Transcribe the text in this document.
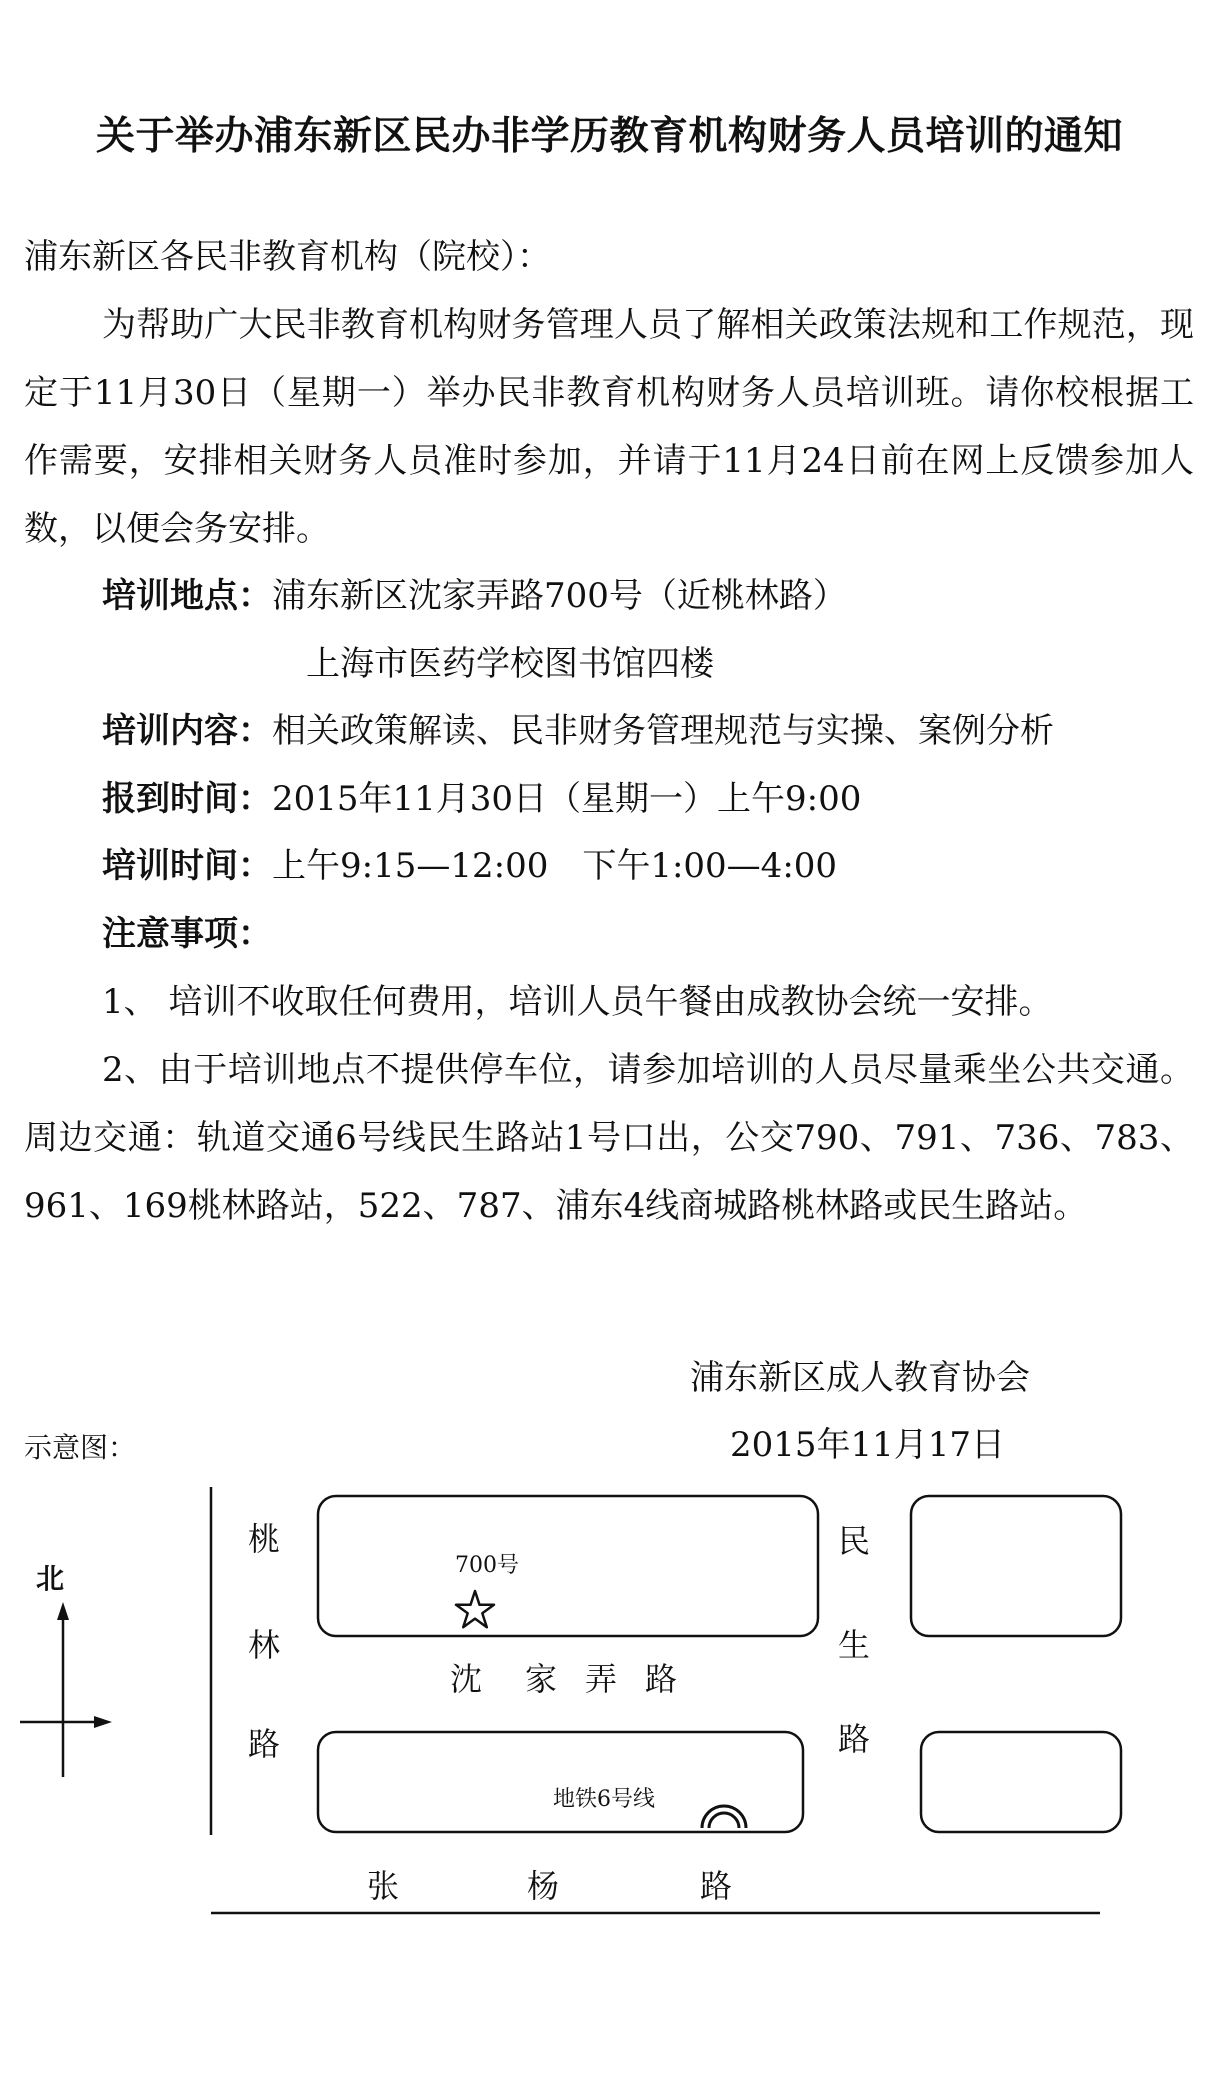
关于举办浦东新区民办非学历教育机构财务人员培训的通知

浦东新区各民非教育机构（院校）：

为帮助广大民非教育机构财务管理人员了解相关政策法规和工作规范，现定于11月30日（星期一）举办民非教育机构财务人员培训班。请你校根据工作需要，安排相关财务人员准时参加，并请于11月24日前在网上反馈参加人数，以便会务安排。

培训地点：浦东新区沈家弄路700号（近桃林路）
上海市医药学校图书馆四楼
培训内容：相关政策解读、民非财务管理规范与实操、案例分析
报到时间：2015年11月30日（星期一）上午9:00
培训时间：上午9:15—12:00　下午1:00—4:00
注意事项：

1、 培训不收取任何费用，培训人员午餐由成教协会统一安排。

2、由于培训地点不提供停车位，请参加培训的人员尽量乘坐公共交通。周边交通：轨道交通6号线民生路站1号口出，公交790、791、736、783、961、169桃林路站，522、787、浦东4线商城路桃林路或民生路站。

浦东新区成人教育协会
2015年11月17日
示意图：
北
桃
林
路
民
生
路
沈 家 弄 路
张	杨	路
700号
地铁6号线
